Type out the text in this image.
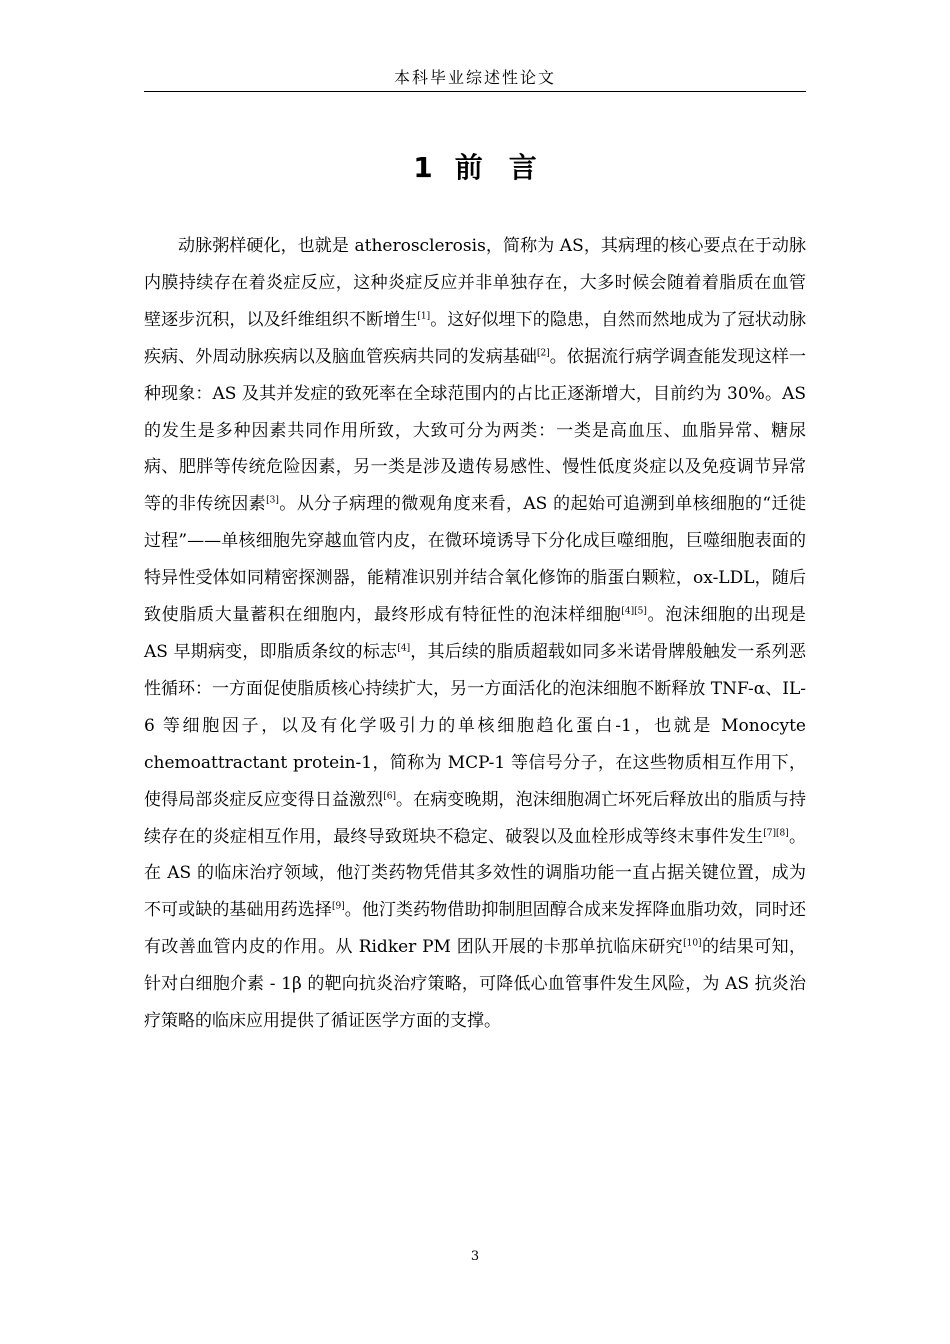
本科毕业综述性论文
1 前言

动脉粥样硬化，也就是 atherosclerosis，简称为 AS，其病理的核心要点在于动脉内膜持续存在着炎症反应，这种炎症反应并非单独存在，大多时候会随着着脂质在血管壁逐步沉积，以及纤维组织不断增生[1]。这好似埋下的隐患，自然而然地成为了冠状动脉疾病、外周动脉疾病以及脑血管疾病共同的发病基础[2]。依据流行病学调查能发现这样一种现象：AS 及其并发症的致死率在全球范围内的占比正逐渐增大，目前约为 30%。AS 的发生是多种因素共同作用所致，大致可分为两类：一类是高血压、血脂异常、糖尿病、肥胖等传统危险因素，另一类是涉及遗传易感性、慢性低度炎症以及免疫调节异常等的非传统因素[3]。从分子病理的微观角度来看，AS 的起始可追溯到单核细胞的“迁徙过程”——单核细胞先穿越血管内皮，在微环境诱导下分化成巨噬细胞，巨噬细胞表面的特异性受体如同精密探测器，能精准识别并结合氧化修饰的脂蛋白颗粒，ox-LDL，随后致使脂质大量蓄积在细胞内，最终形成有特征性的泡沫样细胞[4][5]。泡沫细胞的出现是 AS 早期病变，即脂质条纹的标志[4]，其后续的脂质超载如同多米诺骨牌般触发一系列恶性循环：一方面促使脂质核心持续扩大，另一方面活化的泡沫细胞不断释放 TNF-α、IL-6 等细胞因子，以及有化学吸引力的单核细胞趋化蛋白-1，也就是 Monocyte chemoattractant protein-1，简称为 MCP-1 等信号分子，在这些物质相互作用下，使得局部炎症反应变得日益激烈[6]。在病变晚期，泡沫细胞凋亡坏死后释放出的脂质与持续存在的炎症相互作用，最终导致斑块不稳定、破裂以及血栓形成等终末事件发生[7][8]。在 AS 的临床治疗领域，他汀类药物凭借其多效性的调脂功能一直占据关键位置，成为不可或缺的基础用药选择[9]。他汀类药物借助抑制胆固醇合成来发挥降血脂功效，同时还有改善血管内皮的作用。从 Ridker PM 团队开展的卡那单抗临床研究[10]的结果可知，针对白细胞介素 - 1β 的靶向抗炎治疗策略，可降低心血管事件发生风险，为 AS 抗炎治疗策略的临床应用提供了循证医学方面的支撑。

3
